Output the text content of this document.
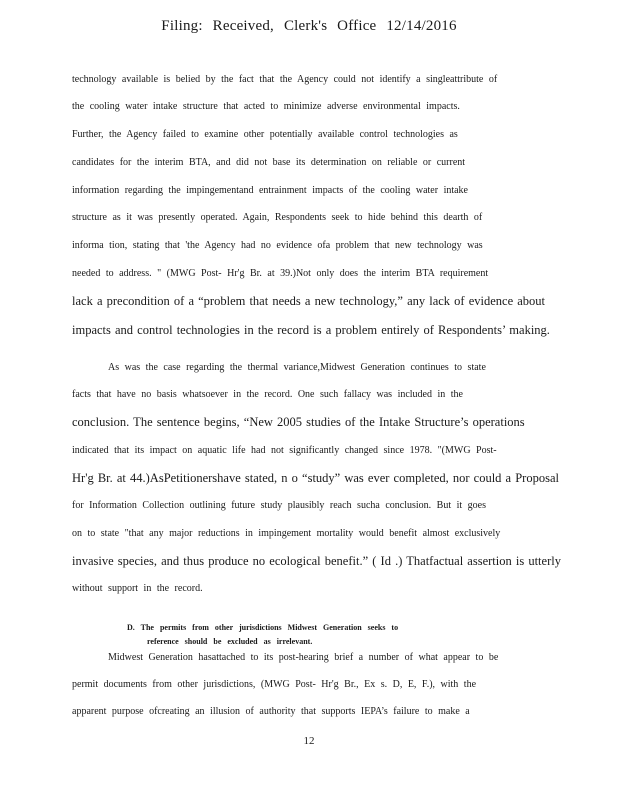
Filing: Received, Clerk's Office 12/14/2016
technology available is belied by the fact that the Agency could not identify a singleattribute of
the cooling water intake structure that acted to minimize adverse environmental impacts.
Further, the Agency failed to examine other potentially available control technologies as
candidates for the interim BTA, and did not base its determination on reliable or current
information regarding the impingementand entrainment impacts of the cooling water intake
structure as it was presently operated. Again, Respondents seek to hide behind this dearth of
informa tion, stating that 'the Agency had no evidence ofa problem that new technology was
needed to address. " (MWG Post- Hr'g Br. at 39.)Not only does the interim BTA requirement
lack a precondition of a “problem that needs a new technology,” any lack of evidence about
impacts and control technologies in the record is a problem entirely of Respondents’ making.
As was the case regarding the thermal variance,Midwest Generation continues to state
facts that have no basis whatsoever in the record. One such fallacy was included in the
conclusion. The sentence begins, “New 2005 studies of the Intake Structure’s operations
indicated that its impact on aquatic life had not significantly changed since 1978. "(MWG Post-
Hr'g Br. at 44.)AsPetitionershave stated, n o “study” was ever completed, nor could a Proposal
for Information Collection outlining future study plausibly reach sucha conclusion. But it goes
on to state "that any major reductions in impingement mortality would benefit almost exclusively
invasive species, and thus produce no ecological benefit.” ( Id .) Thatfactual assertion is utterly
without support in the record.
D. The permits from other jurisdictions Midwest Generation seeks to
reference should be excluded as irrelevant.
Midwest Generation hasattached to its post-hearing brief a number of what appear to be
permit documents from other jurisdictions, (MWG Post- Hr'g Br., Ex s. D, E, F.), with the
apparent purpose ofcreating an illusion of authority that supports IEPA’s failure to make a
12
